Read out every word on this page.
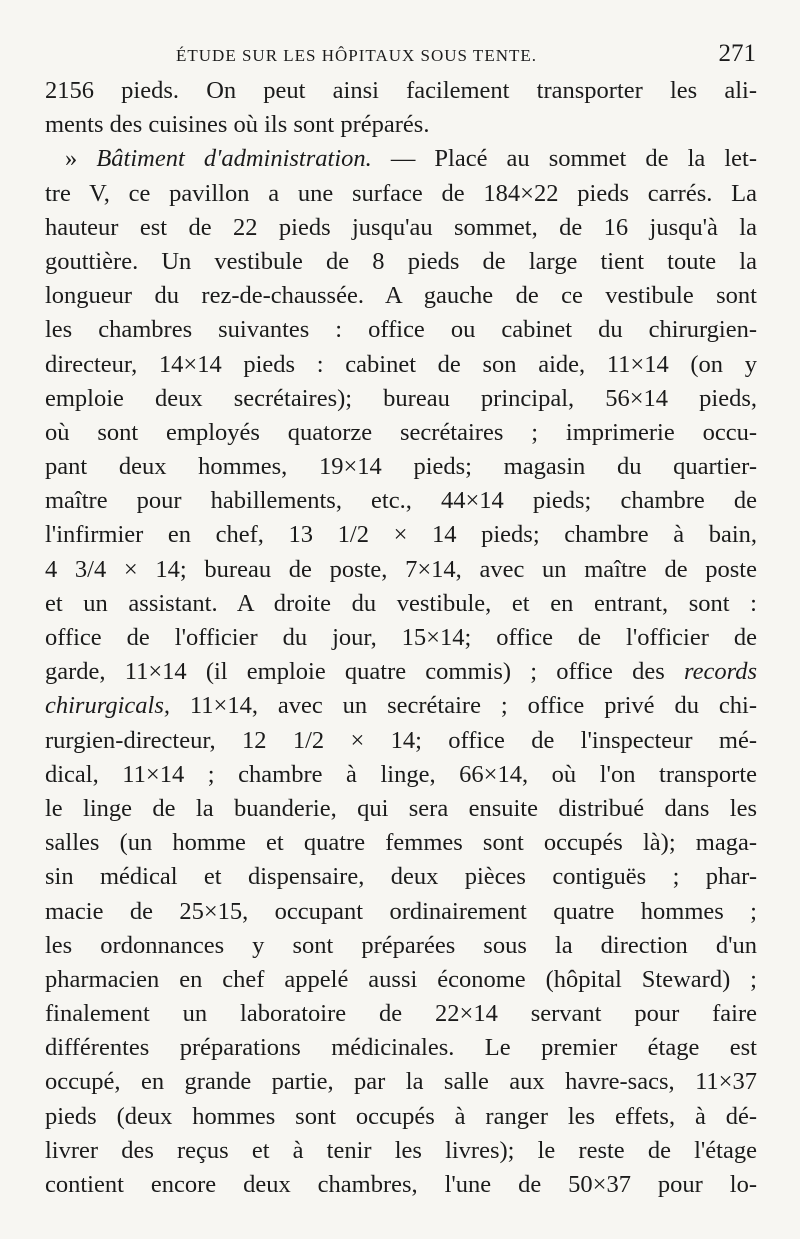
ÉTUDE SUR LES HÔPITAUX SOUS TENTE.	271
2156 pieds. On peut ainsi facilement transporter les ali-
ments des cuisines où ils sont préparés.
» Bâtiment d'administration. — Placé au sommet de la let-
tre V, ce pavillon a une surface de 184×22 pieds carrés. La
hauteur est de 22 pieds jusqu'au sommet, de 16 jusqu'à la
gouttière. Un vestibule de 8 pieds de large tient toute la
longueur du rez-de-chaussée. A gauche de ce vestibule sont
les chambres suivantes : office ou cabinet du chirurgien-
directeur, 14×14 pieds : cabinet de son aide, 11×14 (on y
emploie deux secrétaires); bureau principal, 56×14 pieds,
où sont employés quatorze secrétaires ; imprimerie occu-
pant deux hommes, 19×14 pieds; magasin du quartier-
maître pour habillements, etc., 44×14 pieds; chambre de
l'infirmier en chef, 13 1/2 × 14 pieds; chambre à bain,
4 3/4 × 14; bureau de poste, 7×14, avec un maître de poste
et un assistant. A droite du vestibule, et en entrant, sont :
office de l'officier du jour, 15×14; office de l'officier de
garde, 11×14 (il emploie quatre commis) ; office des records
chirurgicals, 11×14, avec un secrétaire ; office privé du chi-
rurgien-directeur, 12 1/2 × 14; office de l'inspecteur mé-
dical, 11×14 ; chambre à linge, 66×14, où l'on transporte
le linge de la buanderie, qui sera ensuite distribué dans les
salles (un homme et quatre femmes sont occupés là); maga-
sin médical et dispensaire, deux pièces contiguës ; phar-
macie de 25×15, occupant ordinairement quatre hommes ;
les ordonnances y sont préparées sous la direction d'un
pharmacien en chef appelé aussi économe (hôpital Steward) ;
finalement un laboratoire de 22×14 servant pour faire
différentes préparations médicinales. Le premier étage est
occupé, en grande partie, par la salle aux havre-sacs, 11×37
pieds (deux hommes sont occupés à ranger les effets, à dé-
livrer des reçus et à tenir les livres); le reste de l'étage
contient encore deux chambres, l'une de 50×37 pour lo-
